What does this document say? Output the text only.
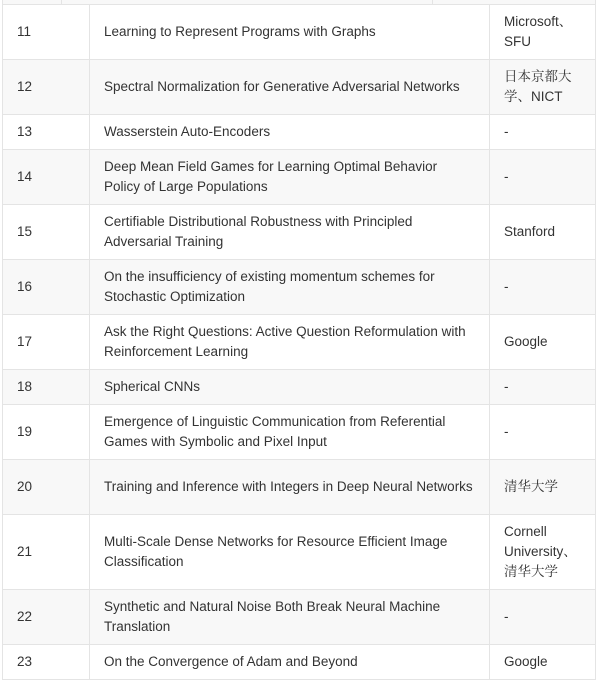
11	Learning to Represent Programs with Graphs	Microsoft、SFU
12	Spectral Normalization for Generative Adversarial Networks	日本京都大学、NICT
13	Wasserstein Auto-Encoders	-
14	Deep Mean Field Games for Learning Optimal Behavior Policy of Large Populations	-
15	Certifiable Distributional Robustness with Principled Adversarial Training	Stanford
16	On the insufficiency of existing momentum schemes for Stochastic Optimization	-
17	Ask the Right Questions: Active Question Reformulation with Reinforcement Learning	Google
18	Spherical CNNs	-
19	Emergence of Linguistic Communication from Referential Games with Symbolic and Pixel Input	-
20	Training and Inference with Integers in Deep Neural Networks	清华大学
21	Multi-Scale Dense Networks for Resource Efficient Image Classification	Cornell University、清华大学
22	Synthetic and Natural Noise Both Break Neural Machine Translation	-
23	On the Convergence of Adam and Beyond	Google
